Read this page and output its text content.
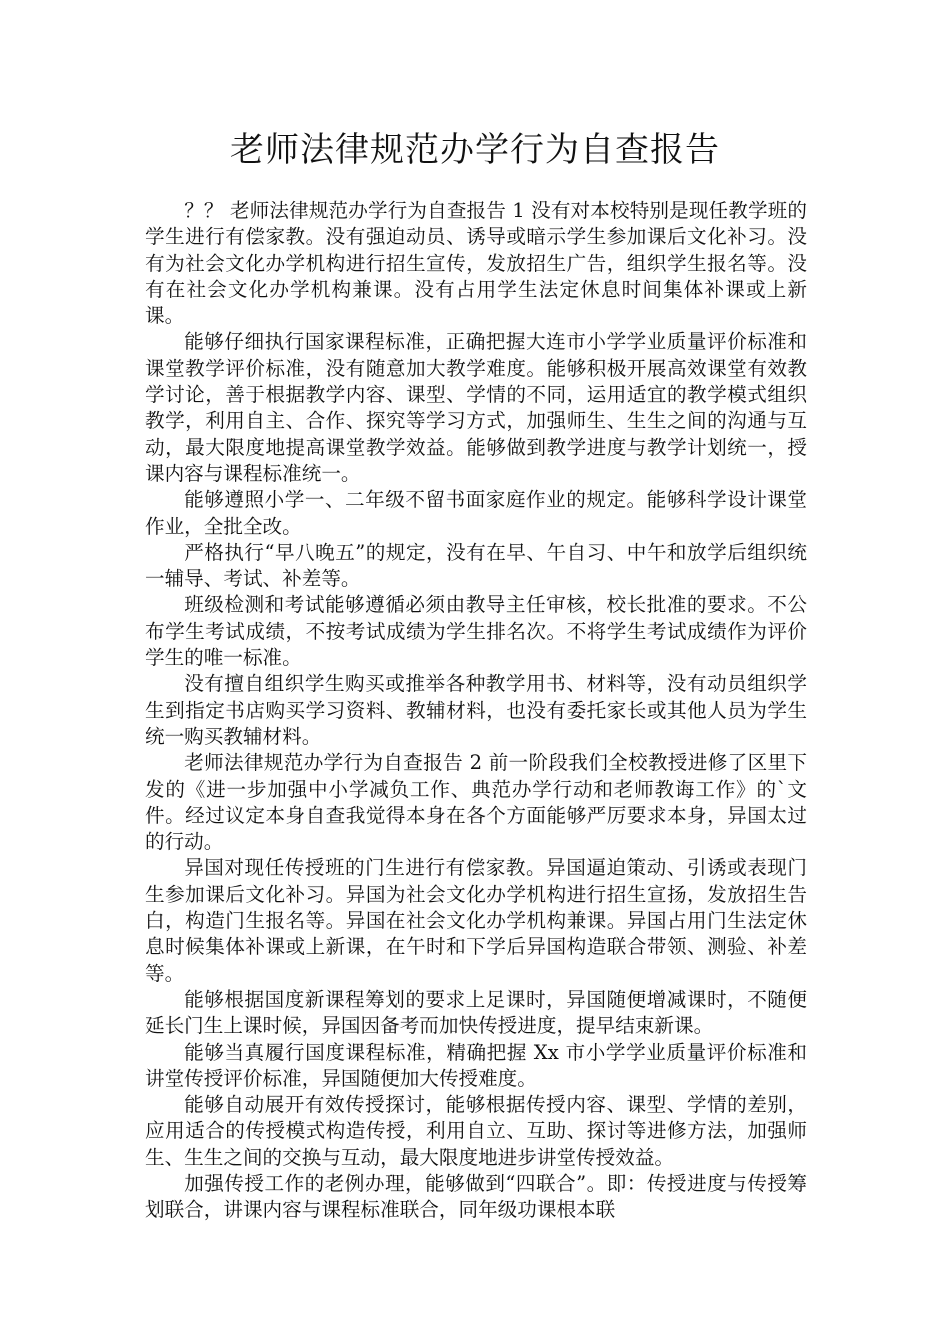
老师法律规范办学行为自查报告

？？ 老师法律规范办学行为自查报告 1 没有对本校特别是现任教学班的学生进行有偿家教。没有强迫动员、诱导或暗示学生参加课后文化补习。没有为社会文化办学机构进行招生宣传，发放招生广告，组织学生报名等。没有在社会文化办学机构兼课。没有占用学生法定休息时间集体补课或上新课。

能够仔细执行国家课程标准，正确把握大连市小学学业质量评价标准和课堂教学评价标准，没有随意加大教学难度。能够积极开展高效课堂有效教学讨论，善于根据教学内容、课型、学情的不同，运用适宜的教学模式组织教学，利用自主、合作、探究等学习方式，加强师生、生生之间的沟通与互动，最大限度地提高课堂教学效益。能够做到教学进度与教学计划统一，授课内容与课程标准统一。

能够遵照小学一、二年级不留书面家庭作业的规定。能够科学设计课堂作业，全批全改。

严格执行“早八晚五”的规定，没有在早、午自习、中午和放学后组织统一辅导、考试、补差等。

班级检测和考试能够遵循必须由教导主任审核，校长批准的要求。不公布学生考试成绩，不按考试成绩为学生排名次。不将学生考试成绩作为评价学生的唯一标准。

没有擅自组织学生购买或推举各种教学用书、材料等，没有动员组织学生到指定书店购买学习资料、教辅材料，也没有委托家长或其他人员为学生统一购买教辅材料。

老师法律规范办学行为自查报告 2 前一阶段我们全校教授进修了区里下发的《进一步加强中小学减负工作、典范办学行动和老师教诲工作》的`文件。经过议定本身自查我觉得本身在各个方面能够严厉要求本身，异国太过的行动。

异国对现任传授班的门生进行有偿家教。异国逼迫策动、引诱或表现门生参加课后文化补习。异国为社会文化办学机构进行招生宣扬，发放招生告白，构造门生报名等。异国在社会文化办学机构兼课。异国占用门生法定休息时候集体补课或上新课，在午时和下学后异国构造联合带领、测验、补差等。

能够根据国度新课程筹划的要求上足课时，异国随便增减课时，不随便延长门生上课时候，异国因备考而加快传授进度，提早结束新课。

能够当真履行国度课程标准，精确把握 Xx 市小学学业质量评价标准和讲堂传授评价标准，异国随便加大传授难度。

能够自动展开有效传授探讨，能够根据传授内容、课型、学情的差别，应用适合的传授模式构造传授，利用自立、互助、探讨等进修方法，加强师生、生生之间的交换与互动，最大限度地进步讲堂传授效益。

加强传授工作的老例办理，能够做到“四联合”。即：传授进度与传授筹划联合，讲课内容与课程标准联合，同年级功课根本联
